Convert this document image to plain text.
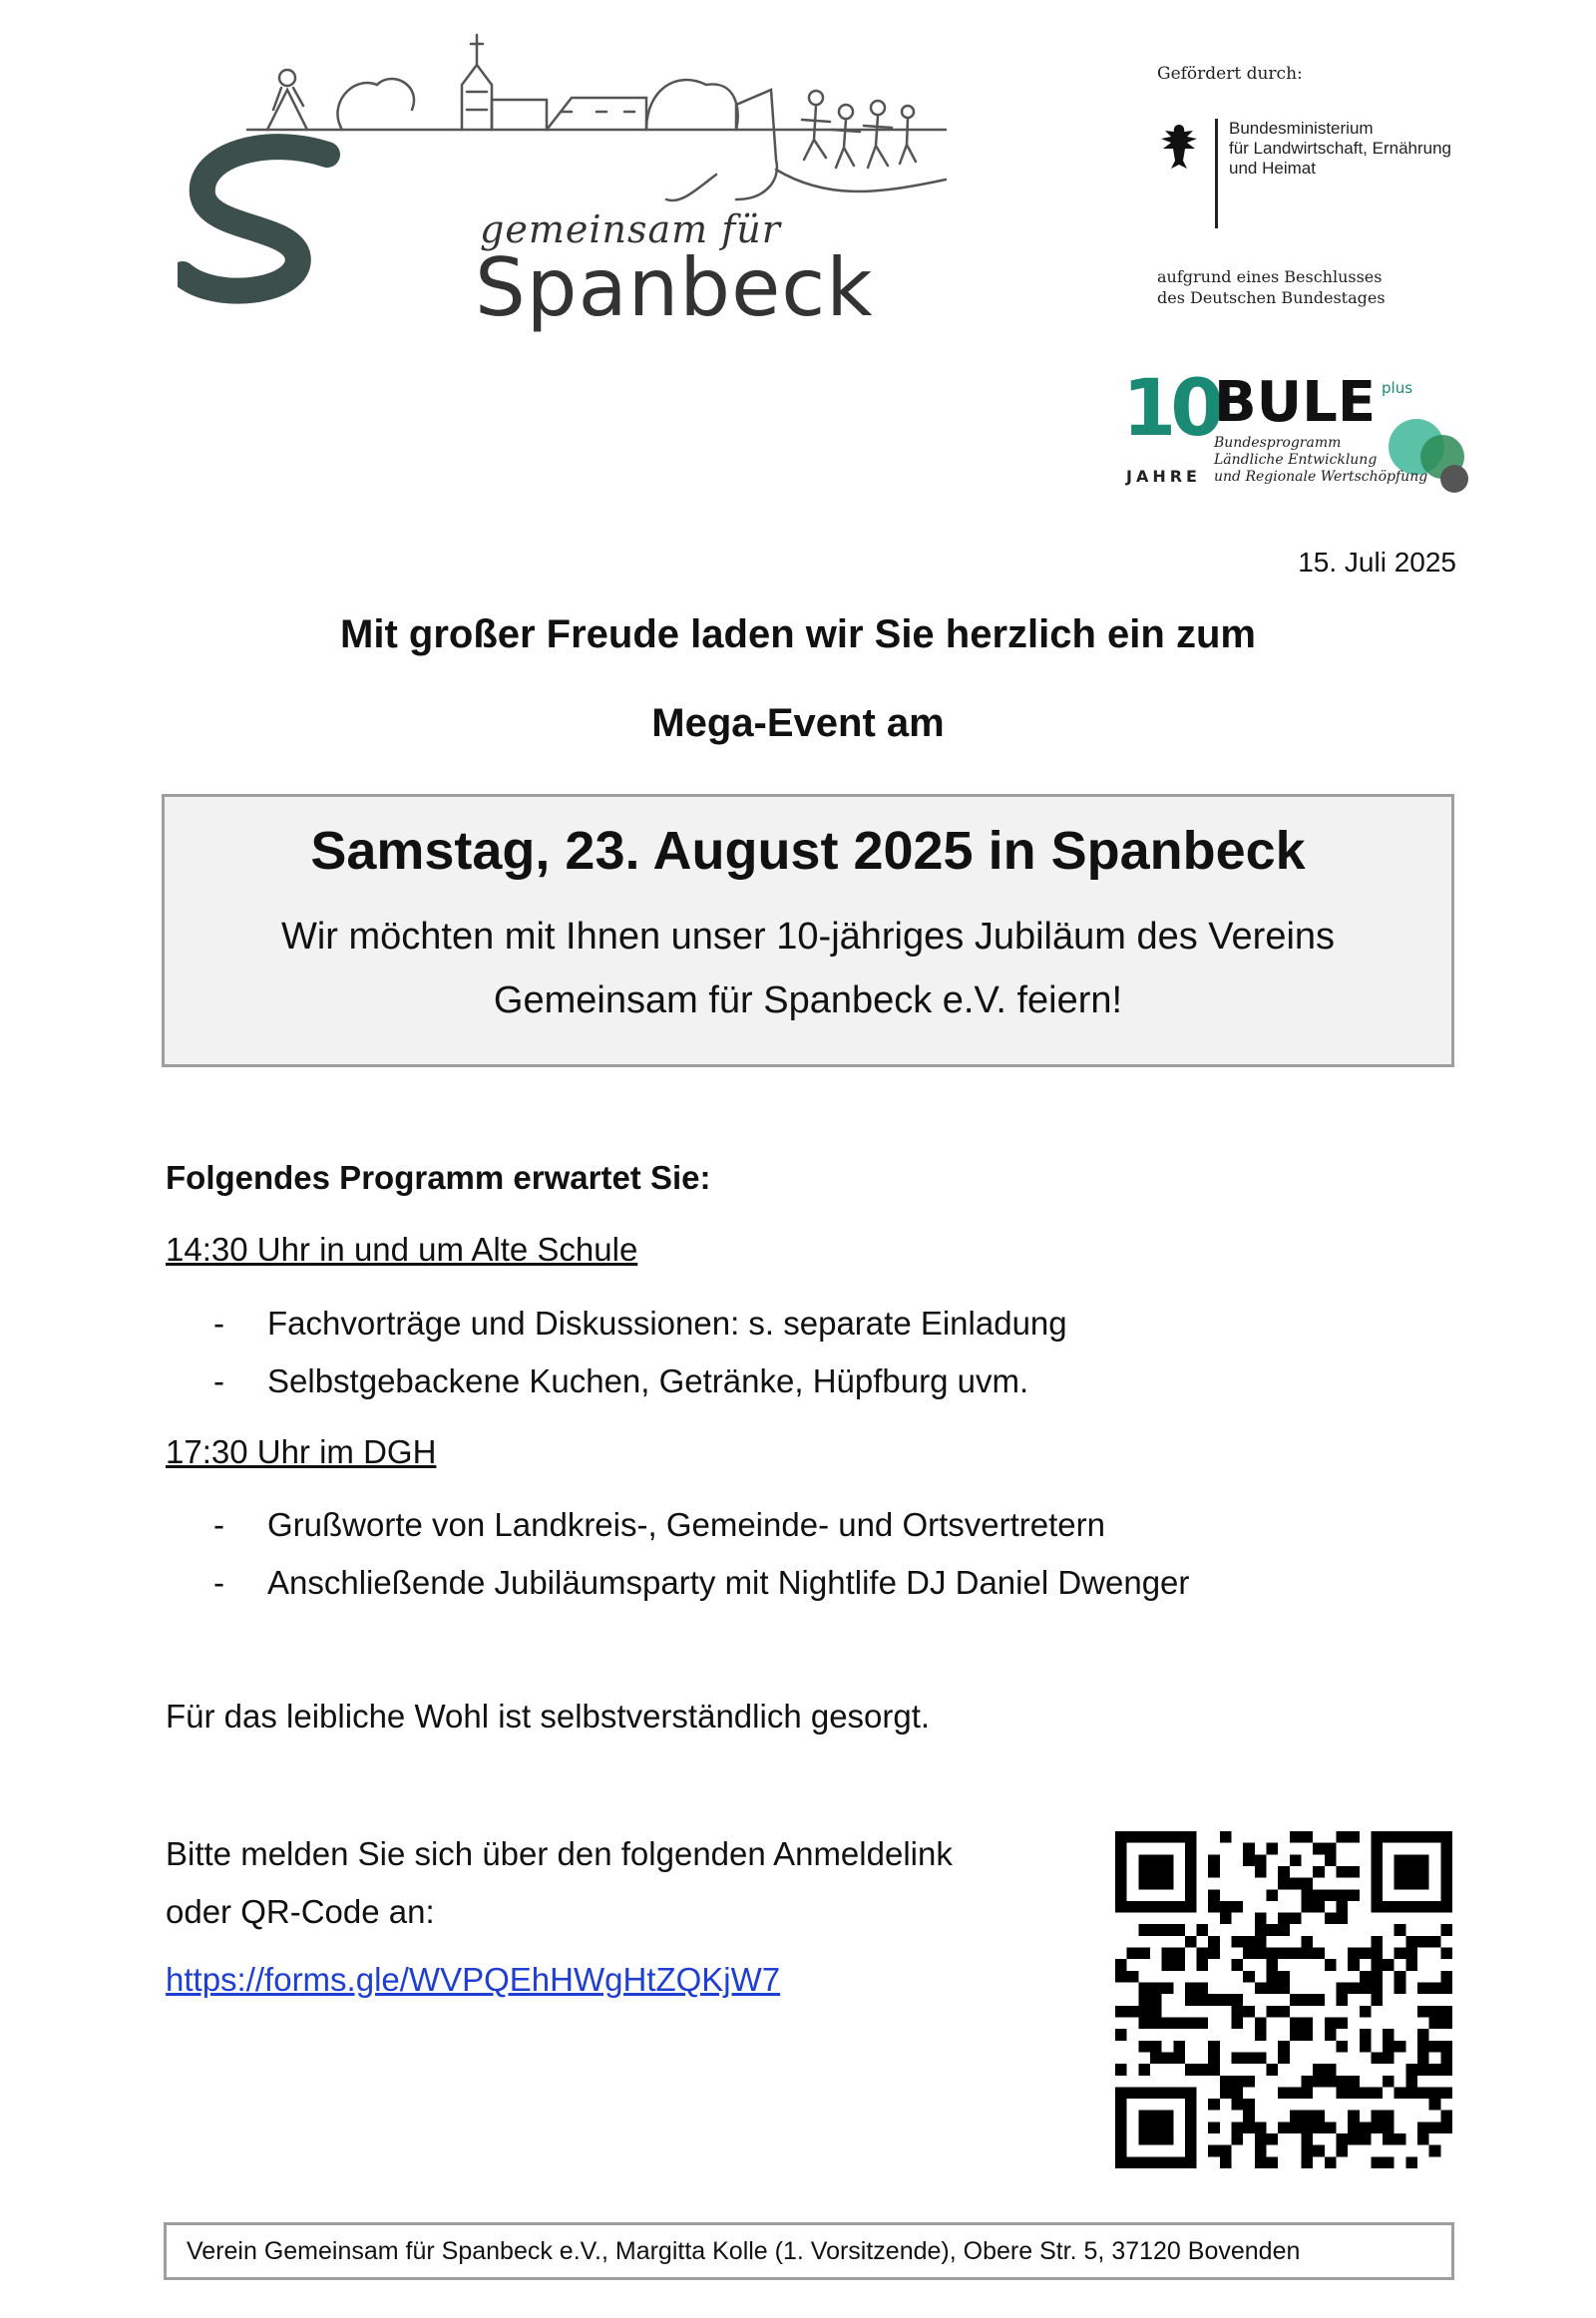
gemeinsam für
Spanbeck
Gefördert durch:
Bundesministerium
für Landwirtschaft, Ernährung
und Heimat
aufgrund eines Beschlusses
des Deutschen Bundestages
10
JAHRE
BULE plus
Bundesprogramm
Ländliche Entwicklung
und Regionale Wertschöpfung
15. Juli 2025
Mit großer Freude laden wir Sie herzlich ein zum
Mega-Event am
Samstag, 23. August 2025 in Spanbeck
Wir möchten mit Ihnen unser 10-jähriges Jubiläum des Vereins
Gemeinsam für Spanbeck e.V. feiern!
Folgendes Programm erwartet Sie:
14:30 Uhr in und um Alte Schule
- Fachvorträge und Diskussionen: s. separate Einladung
- Selbstgebackene Kuchen, Getränke, Hüpfburg uvm.
17:30 Uhr im DGH
- Grußworte von Landkreis-, Gemeinde- und Ortsvertretern
- Anschließende Jubiläumsparty mit Nightlife DJ Daniel Dwenger
Für das leibliche Wohl ist selbstverständlich gesorgt.
Bitte melden Sie sich über den folgenden Anmeldelink
oder QR-Code an:
https://forms.gle/WVPQEhHWgHtZQKjW7
Verein Gemeinsam für Spanbeck e.V., Margitta Kolle (1. Vorsitzende), Obere Str. 5, 37120 Bovenden
